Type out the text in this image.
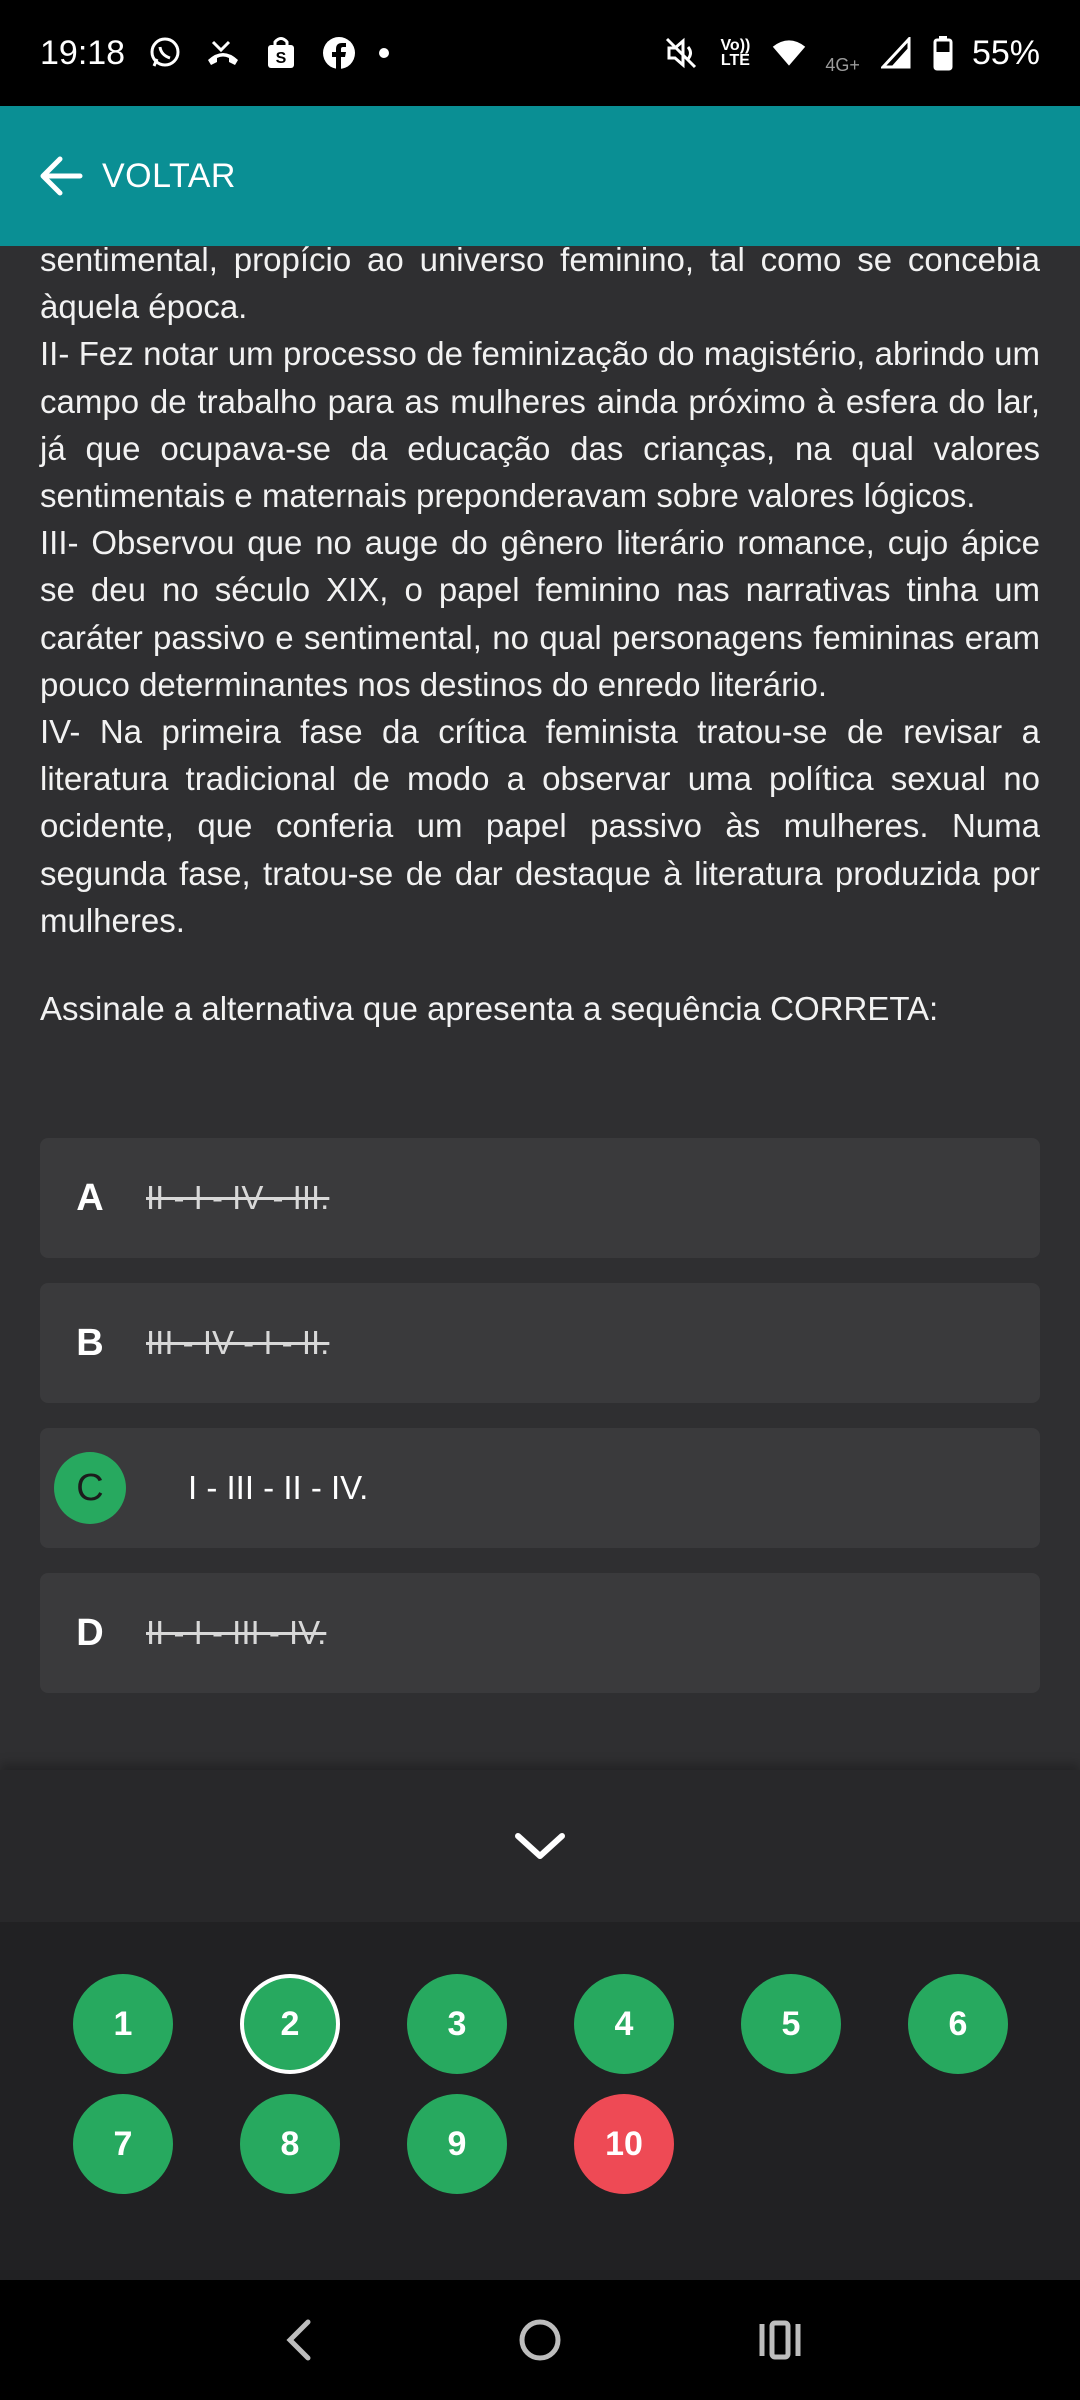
19:18	S
Vo)) LTE	4G+	55%
VOLTAR

sentimental, propício ao universo feminino, tal como se concebia àquela época.

II- Fez notar um processo de feminização do magistério, abrindo um campo de trabalho para as mulheres ainda próximo à esfera do lar, já que ocupava-se da educação das crianças, na qual valores sentimentais e maternais preponderavam sobre valores lógicos.

III- Observou que no auge do gênero literário romance, cujo ápice se deu no século XIX, o papel feminino nas narrativas tinha um caráter passivo e sentimental, no qual personagens femininas eram pouco determinantes nos destinos do enredo literário.

IV- Na primeira fase da crítica feminista tratou-se de revisar a literatura tradicional de modo a observar uma política sexual no ocidente, que conferia um papel passivo às mulheres. Numa segunda fase, tratou-se de dar destaque à literatura produzida por mulheres.

Assinale a alternativa que apresenta a sequência CORRETA:
A	II - I - IV - III.
B	III - IV - I - II.
C	I - III - II - IV.
D	II - I - III - IV.
1	2	3	4	5	6
7	8	9	10
